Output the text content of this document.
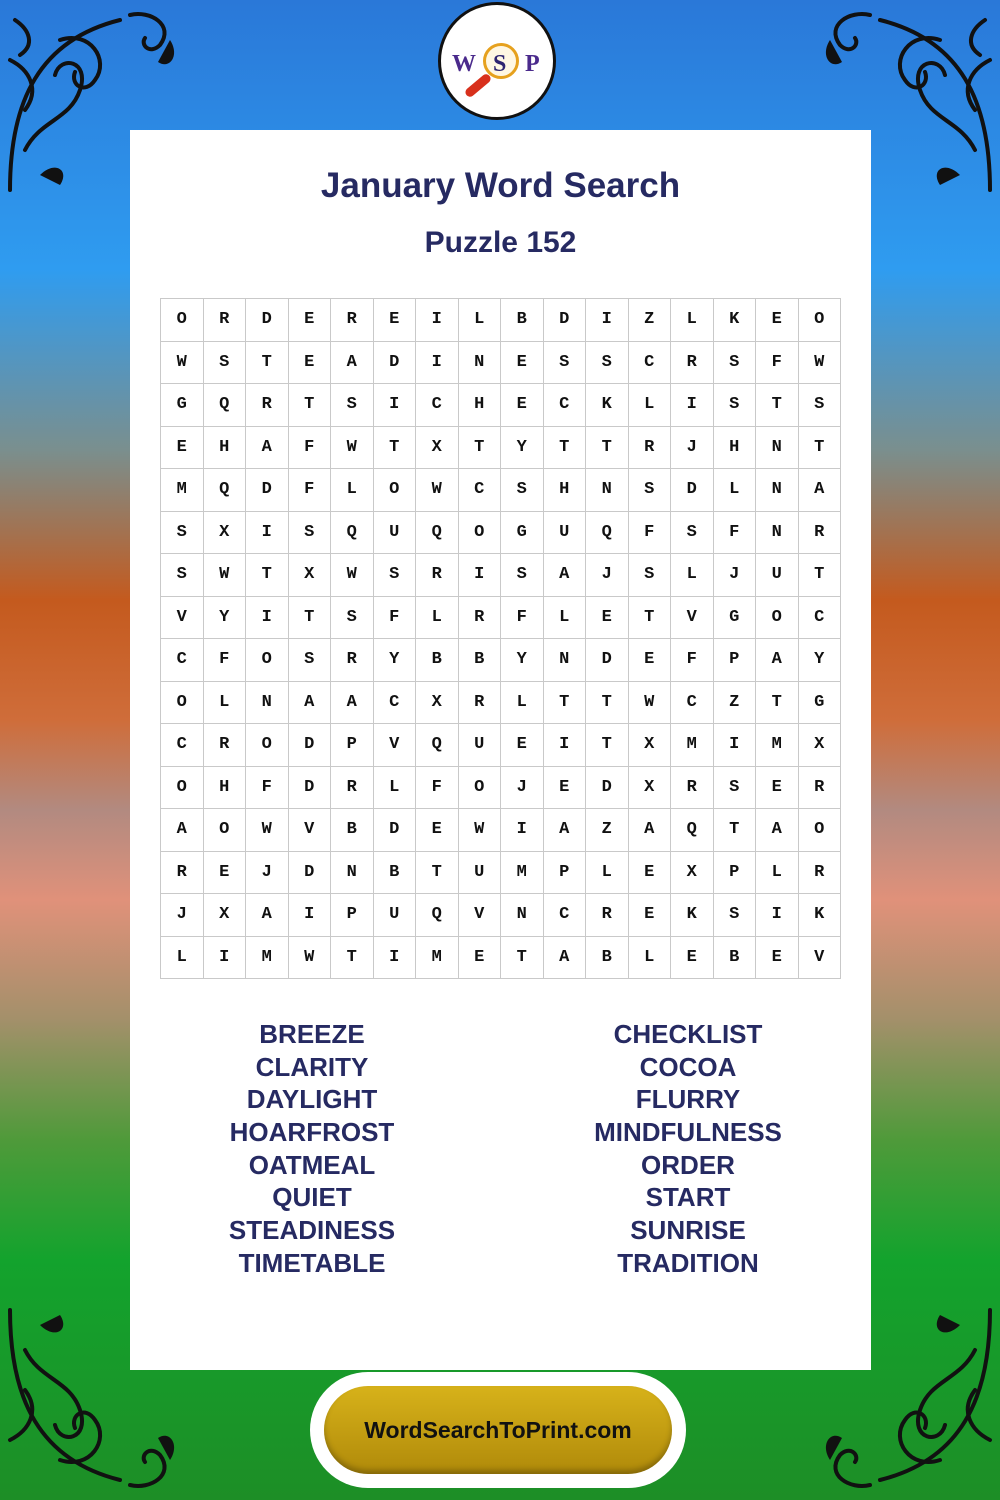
W S P
January Word Search
Puzzle 152
O	R	D	E	R	E	I	L	B	D	I	Z	L	K	E	O
W	S	T	E	A	D	I	N	E	S	S	C	R	S	F	W
G	Q	R	T	S	I	C	H	E	C	K	L	I	S	T	S
E	H	A	F	W	T	X	T	Y	T	T	R	J	H	N	T
M	Q	D	F	L	O	W	C	S	H	N	S	D	L	N	A
S	X	I	S	Q	U	Q	O	G	U	Q	F	S	F	N	R
S	W	T	X	W	S	R	I	S	A	J	S	L	J	U	T
V	Y	I	T	S	F	L	R	F	L	E	T	V	G	O	C
C	F	O	S	R	Y	B	B	Y	N	D	E	F	P	A	Y
O	L	N	A	A	C	X	R	L	T	T	W	C	Z	T	G
C	R	O	D	P	V	Q	U	E	I	T	X	M	I	M	X
O	H	F	D	R	L	F	O	J	E	D	X	R	S	E	R
A	O	W	V	B	D	E	W	I	A	Z	A	Q	T	A	O
R	E	J	D	N	B	T	U	M	P	L	E	X	P	L	R
J	X	A	I	P	U	Q	V	N	C	R	E	K	S	I	K
L	I	M	W	T	I	M	E	T	A	B	L	E	B	E	V
BREEZE
CLARITY
DAYLIGHT
HOARFROST
OATMEAL
QUIET
STEADINESS
TIMETABLE
CHECKLIST
COCOA
FLURRY
MINDFULNESS
ORDER
START
SUNRISE
TRADITION
WordSearchToPrint.com
